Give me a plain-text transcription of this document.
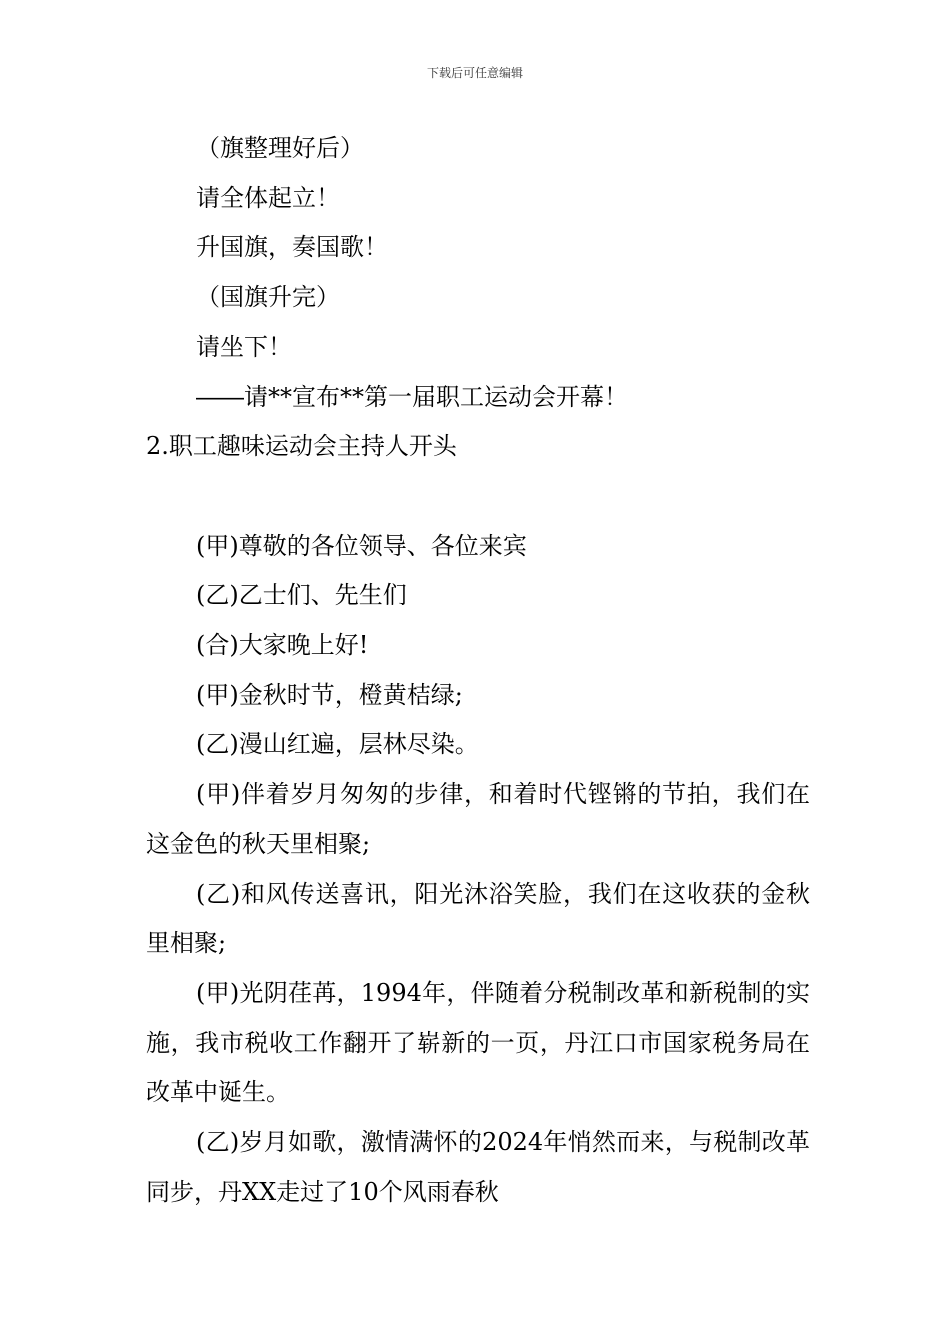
下载后可任意编辑
（旗整理好后）
请全体起立！
升国旗，奏国歌！
（国旗升完）
请坐下！
――请**宣布**第一届职工运动会开幕！
2.职工趣味运动会主持人开头
(甲)尊敬的各位领导、各位来宾
(乙)乙士们、先生们
(合)大家晚上好!
(甲)金秋时节，橙黄桔绿;
(乙)漫山红遍，层林尽染。
(甲)伴着岁月匆匆的步律，和着时代铿锵的节拍，我们在这金色的秋天里相聚;
(乙)和风传送喜讯，阳光沐浴笑脸，我们在这收获的金秋里相聚;
(甲)光阴荏苒，1994年，伴随着分税制改革和新税制的实施，我市税收工作翻开了崭新的一页，丹江口市国家税务局在改革中诞生。
(乙)岁月如歌，激情满怀的2024年悄然而来，与税制改革同步，丹XX走过了10个风雨春秋
